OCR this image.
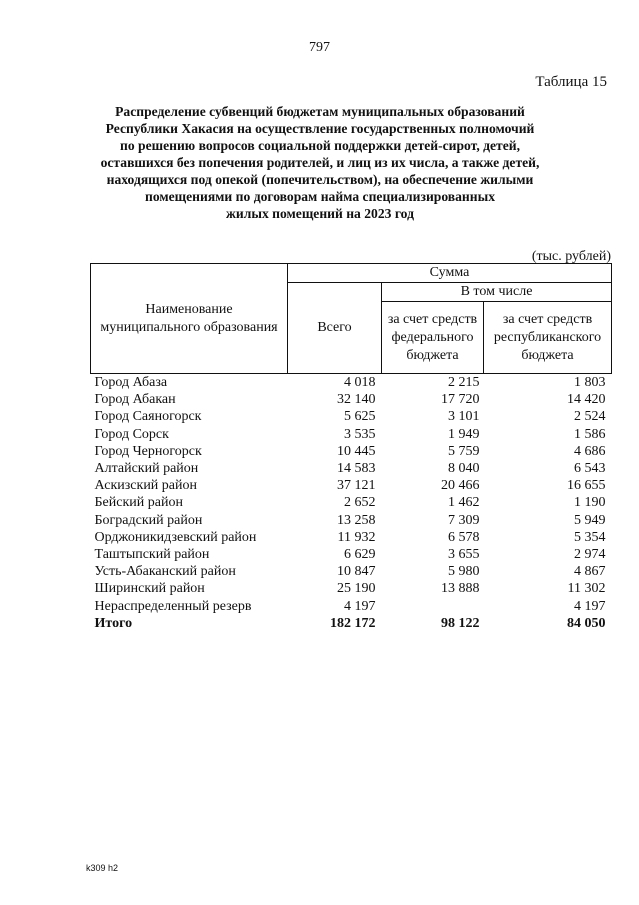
797
Таблица 15
Распределение субвенций бюджетам муниципальных образований
Республики Хакасия на осуществление государственных полномочий
по решению вопросов социальной поддержки детей-сирот, детей,
оставшихся без попечения родителей, и лиц из их числа, а также детей,
находящихся под опекой (попечительством), на обеспечение жилыми
помещениями по договорам найма специализированных
жилых помещений на 2023 год
(тыс. рублей)
Наименование муниципального образования	Сумма		
	Всего	В том числе	
		за счет средств федерального бюджета	за счет средств республиканского бюджета
Город Абаза	4 018	2 215	1 803
Город Абакан	32 140	17 720	14 420
Город Саяногорск	5 625	3 101	2 524
Город Сорск	3 535	1 949	1 586
Город Черногорск	10 445	5 759	4 686
Алтайский район	14 583	8 040	6 543
Аскизский район	37 121	20 466	16 655
Бейский район	2 652	1 462	1 190
Боградский район	13 258	7 309	5 949
Орджоникидзевский район	11 932	6 578	5 354
Таштыпский район	6 629	3 655	2 974
Усть-Абаканский район	10 847	5 980	4 867
Ширинский район	25 190	13 888	11 302
Нераспределенный резерв	4 197		4 197
Итого	182 172	98 122	84 050
k309 h2
